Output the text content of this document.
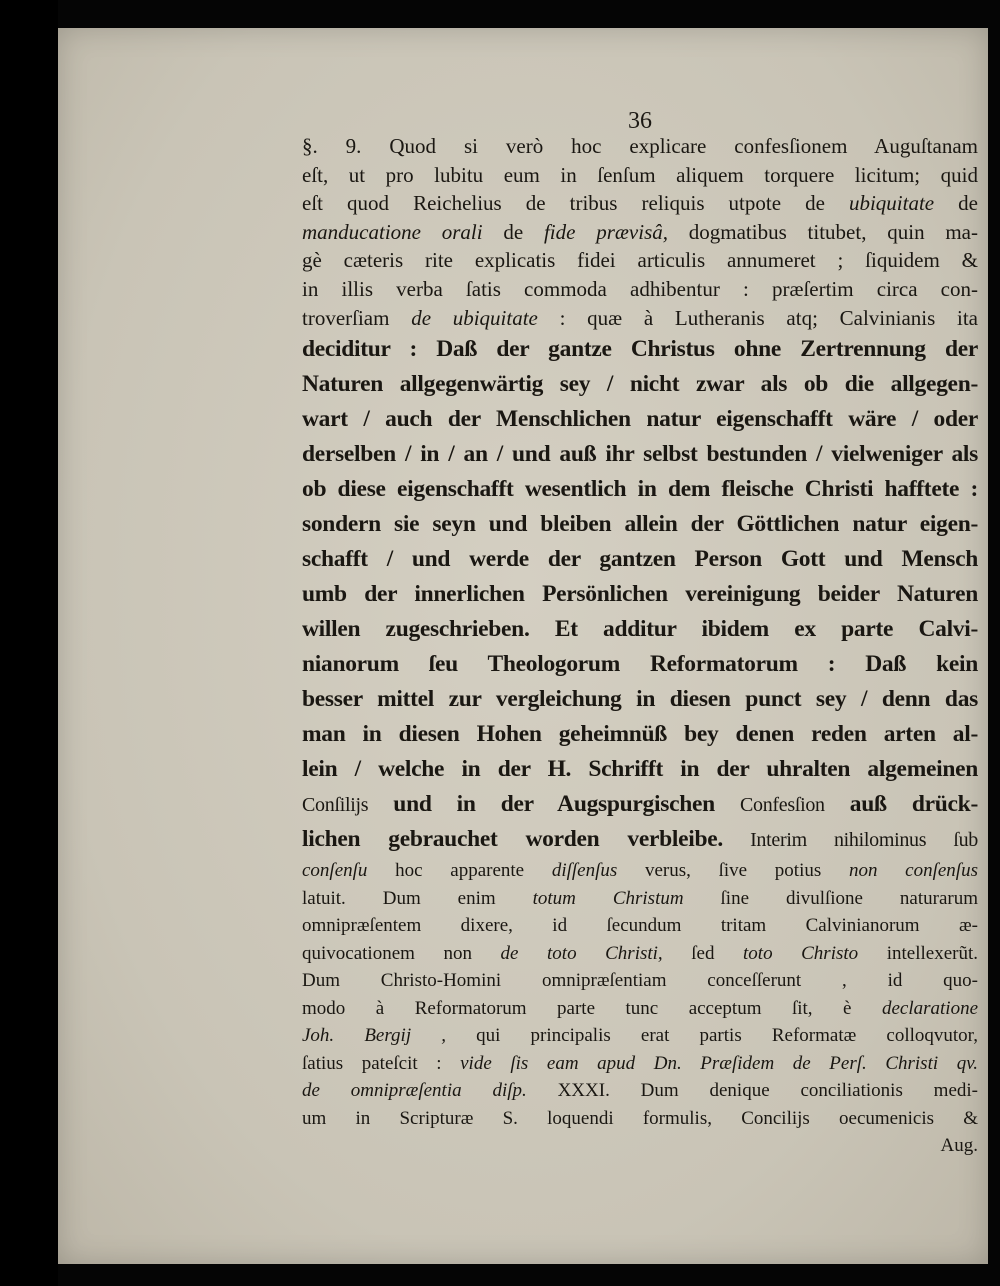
36
§. 9. Quod si verò hoc explicare confesſionem Auguſtanam
eſt, ut pro lubitu eum in ſenſum aliquem torquere licitum; quid
eſt quod Reichelius de tribus reliquis utpote de ubiquitate de
manducatione orali de fide prævisâ, dogmatibus titubet, quin ma-
gè cæteris rite explicatis fidei articulis annumeret ; ſiquidem &
in illis verba ſatis commoda adhibentur : præſertim circa con-
troverſiam de ubiquitate : quæ à Lutheranis atq; Calvinianis ita
deciditur : Daß der gantze Christus ohne Zertrennung der
Naturen allgegenwärtig sey / nicht zwar als ob die allgegen-
wart / auch der Menschlichen natur eigenschafft wäre / oder
derselben / in / an / und auß ihr selbst bestunden / vielweniger als
ob diese eigenschafft wesentlich in dem fleische Christi hafftete :
sondern sie seyn und bleiben allein der Göttlichen natur eigen-
schafft / und werde der gantzen Person Gott und Mensch
umb der innerlichen Persönlichen vereinigung beider Naturen
willen zugeschrieben. Et additur ibidem ex parte Calvi-
nianorum ſeu Theologorum Reformatorum : Daß kein
besser mittel zur vergleichung in diesen punct sey / denn das
man in diesen Hohen geheimnüß bey denen reden arten al-
lein / welche in der H. Schrifft in der uhralten algemeinen
Conſilijs und in der Augspurgischen Confesſion auß drück-
lichen gebrauchet worden verbleibe. Interim nihilominus ſub
conſenſu hoc apparente diſſenſus verus, ſive potius non conſenſus
latuit. Dum enim totum Christum ſine divulſione naturarum
omnipræſentem dixere, id ſecundum tritam Calvinianorum æ-
quivocationem non de toto Christi, ſed toto Christo intellexerũt.
Dum Christo-Homini omnipræſentiam conceſſerunt , id quo-
modo à Reformatorum parte tunc acceptum ſit, è declaratione
Joh. Bergij , qui principalis erat partis Reformatæ colloqvutor,
ſatius pateſcit : vide ſis eam apud Dn. Præſidem de Perſ. Christi qv.
de omnipræſentia diſp. XXXI. Dum denique conciliationis medi-
um in Scripturæ S. loquendi formulis, Concilijs oecumenicis &
Aug.
